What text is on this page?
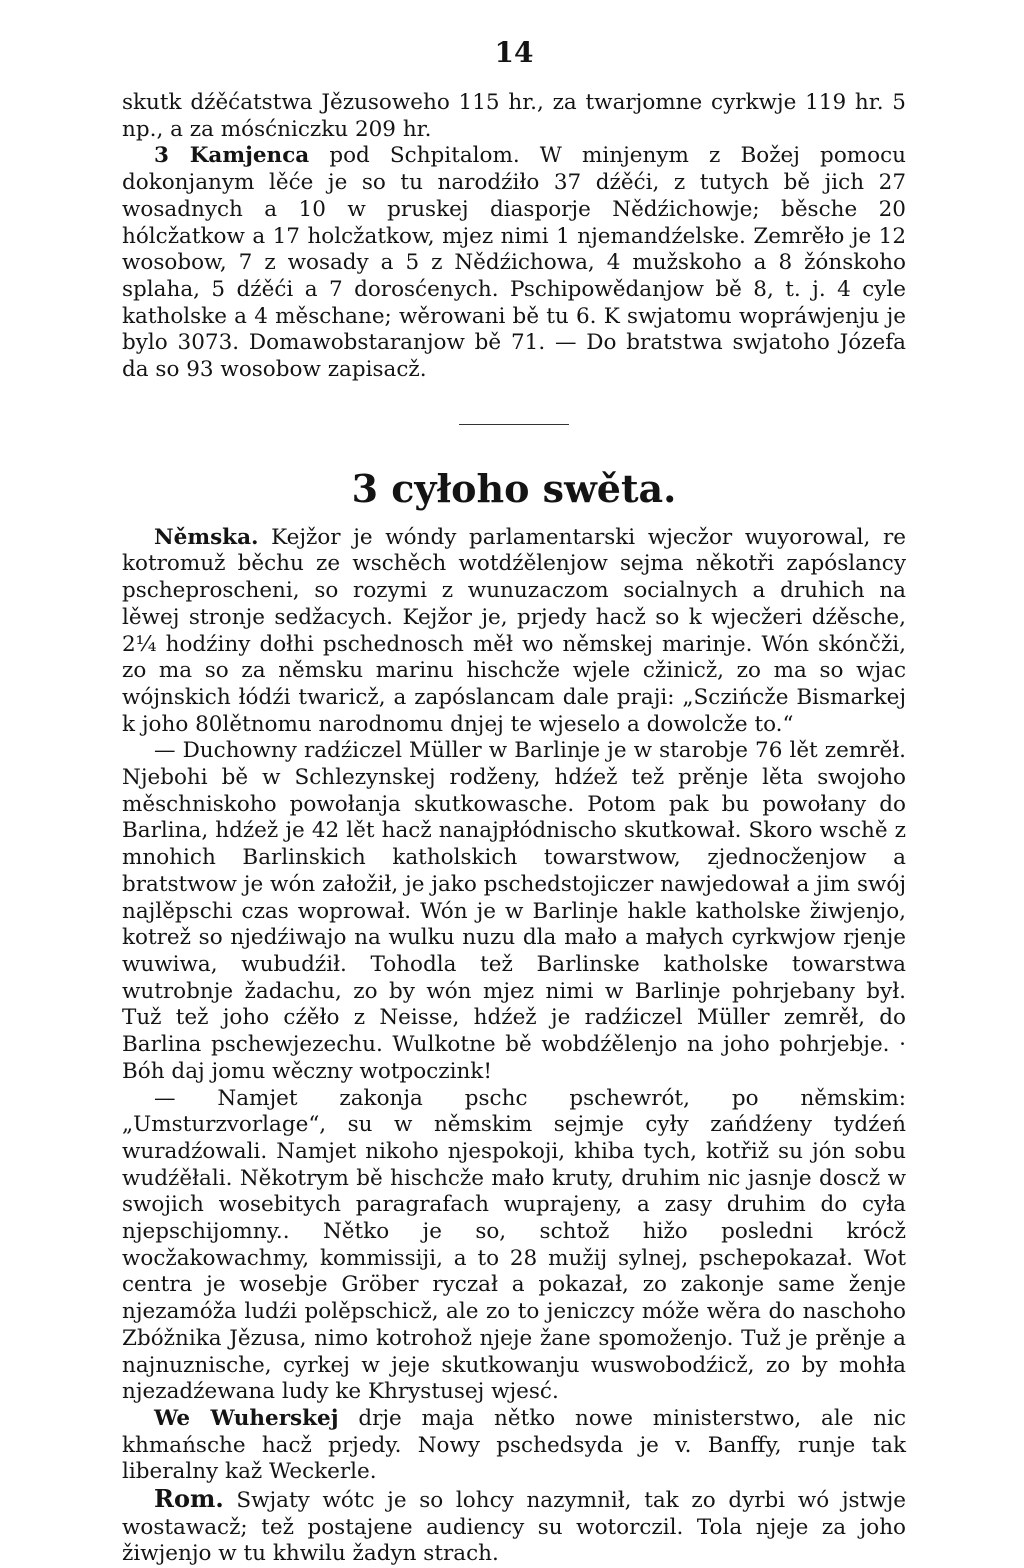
14

skutk dźěćatstwa Jězusoweho 115 hr., za twarjomne cyrkwje 119 hr. 5 np., a za mósćniczku 209 hr.

3 Kamjenca pod Schpitalom. W minjenym z Božej pomocu dokonjanym lěće je so tu narodźiło 37 dźěći, z tutych bě jich 27 wosadnych a 10 w pruskej diasporje Nědźichowje; běsche 20 hólcžatkow a 17 holcžatkow, mjez nimi 1 njemandźelske. Zemrěło je 12 wosobow, 7 z wosady a 5 z Nědźichowa, 4 mužskoho a 8 žónskoho splaha, 5 dźěći a 7 dorosćenych. Pschipowědanjow bě 8, t. j. 4 cyle katholske a 4 měschane; wěrowani bě tu 6. K swjatomu wopráwjenju je bylo 3073. Domawobstaranjow bě 71. — Do bratstwa swjatoho Józefa da so 93 wosobow zapisacž.

3 cyłoho swěta.

Němska. Kejžor je wóndy parlamentarski wjecžor wuyorowal, re kotromuž běchu ze wschěch wotdźělenjow sejma někotři zapóslancy pscheproscheni, so rozymi z wunuzaczom socialnych a druhich na lěwej stronje sedžacych. Kejžor je, prjedy hacž so k wjecžeri dźěsche, 2¼ hodźiny dołhi pschednosch měł wo němskej marinje. Wón skónčži, zo ma so za němsku marinu hischcže wjele cžinicž, zo ma so wjac wójnskich łódźi twaricž, a zapóslancam dale praji: „Sczińcže Bismarkej k joho 80lětnomu narodnomu dnjej te wjeselo a dowolcže to.“

— Duchowny radźiczel Müller w Barlinje je w starobje 76 lět zemrěł. Njebohi bě w Schlezynskej rodženy, hdźež tež prěnje lěta swojoho měschniskoho powołanja skutkowasche. Potom pak bu powołany do Barlina, hdźež je 42 lět hacž nanajpłódnischo skutkował. Skoro wschě z mnohich Barlinskich katholskich towarstwow, zjednocženjow a bratstwow je wón załožił, je jako pschedstojiczer nawjedował a jim swój najlěpschi czas woprował. Wón je w Barlinje hakle katholske žiwjenjo, kotrež so njedźiwajo na wulku nuzu dla mało a małych cyrkwjow rjenje wuwiwa, wubudźił. Tohodla tež Barlinske katholske towarstwa wutrobnje žadachu, zo by wón mjez nimi w Barlinje pohrjebany był. Tuž tež joho cźěło z Neisse, hdźež je radźiczel Müller zemrěł, do Barlina pschewjezechu. Wulkotne bě wobdźělenjo na joho pohrjebje. · Bóh daj jomu wěczny wotpoczink!

— Namjet zakonja pschc pschewrót, po němskim: „Umsturzvorlage“, su w němskim sejmje cyły zańdźeny tydźeń wuradźowali. Namjet nikoho njespokoji, khiba tych, kotřiž su jón sobu wudźěłali. Někotrym bě hischcže mało kruty, druhim nic jasnje doscž w swojich wosebitych paragrafach wuprajeny, a zasy druhim do cyła njepschijomny.. Nětko je so, schtož hižo posledni krócž wocžakowachmy, kommissiji, a to 28 mužij sylnej, pschepokazał. Wot centra je wosebje Gröber ryczał a pokazał, zo zakonje same ženje njezamóža ludźi polěpschicž, ale zo to jeniczcy móže wěra do naschoho Zbóžnika Jězusa, nimo kotrohož njeje žane spomoženjo. Tuž je prěnje a najnuznische, cyrkej w jeje skutkowanju wuswobodźicž, zo by mohła njezadźewana ludy ke Khrystusej wjesć.

We Wuherskej drje maja nětko nowe ministerstwo, ale nic khmańsche hacž prjedy. Nowy pschedsyda je v. Banffy, runje tak liberalny kaž Weckerle.

Rom. Swjaty wótc je so lohcy nazymnił, tak zo dyrbi wó jstwje wostawacž; tež postajene audiency su wotorczil. Tola njeje za joho žiwjenjo w tu khwilu žadyn strach.
